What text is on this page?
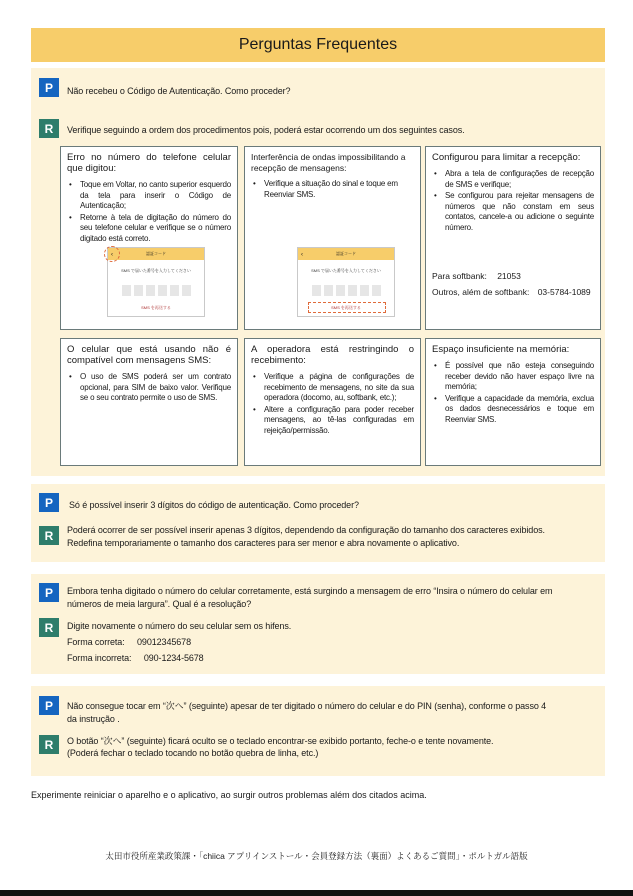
Perguntas Frequentes
P	Não recebeu o Código de Autenticação. Como proceder?
R	Verifique seguindo a ordem dos procedimentos pois, poderá estar ocorrendo um dos seguintes casos.
Erro no número do telefone celular que digitou:
• Toque em Voltar, no canto superior esquerdo da tela para inserir o Código de Autenticação;
• Retorne à tela de digitação do número do seu telefone celular e verifique se o número digitado está correto.
‹	認証コード
SMS で届いた番号を入力してください
SMS を再送する
Interferência de ondas impossibilitando a recepção de mensagens:
• Verifique a situação do sinal e toque em Reenviar SMS.
‹	認証コード
SMS で届いた番号を入力してください
SMS を再送する
Configurou para limitar a recepção:
• Abra a tela de configurações de recepção de SMS e verifique;
• Se configurou para rejeitar mensagens de números que não constam em seus contatos, cancele-a ou adicione o seguinte número.
Para softbank: 21053
Outros, além de softbank: 03-5784-1089
O celular que está usando não é compatível com mensagens SMS:
• O uso de SMS poderá ser um contrato opcional, para SIM de baixo valor. Verifique se o seu contrato permite o uso de SMS.
A operadora está restringindo o recebimento:
• Verifique a página de configurações de recebimento de mensagens, no site da sua operadora (docomo, au, softbank, etc.);
• Altere a configuração para poder receber mensagens, ao tê-las configuradas em rejeição/permissão.
Espaço insuficiente na memória:
• É possível que não esteja conseguindo receber devido não haver espaço livre na memória;
• Verifique a capacidade da memória, exclua os dados desnecessários e toque em Reenviar SMS.
P	Só é possível inserir 3 dígitos do código de autenticação. Como proceder?
R	Poderá ocorrer de ser possível inserir apenas 3 dígitos, dependendo da configuração do tamanho dos caracteres exibidos.
Redefina temporariamente o tamanho dos caracteres para ser menor e abra novamente o aplicativo.
P	Embora tenha digitado o número do celular corretamente, está surgindo a mensagem de erro “Insira o número do celular em
números de meia largura”. Qual é a resolução?
R	Digite novamente o número do seu celular sem os hifens.
Forma correta: 09012345678
Forma incorreta: 090-1234-5678
P	Não consegue tocar em “次へ” (seguinte) apesar de ter digitado o número do celular e do PIN (senha), conforme o passo 4
da instrução .
R	O botão “次へ” (seguinte) ficará oculto se o teclado encontrar-se exibido portanto, feche-o e tente novamente.
(Poderá fechar o teclado tocando no botão quebra de linha, etc.)
Experimente reiniciar o aparelho e o aplicativo, ao surgir outros problemas além dos citados acima.
太田市役所産業政策課・「chiica アプリインストール・会員登録方法（裏面）よくあるご質問」・ポルトガル語版
